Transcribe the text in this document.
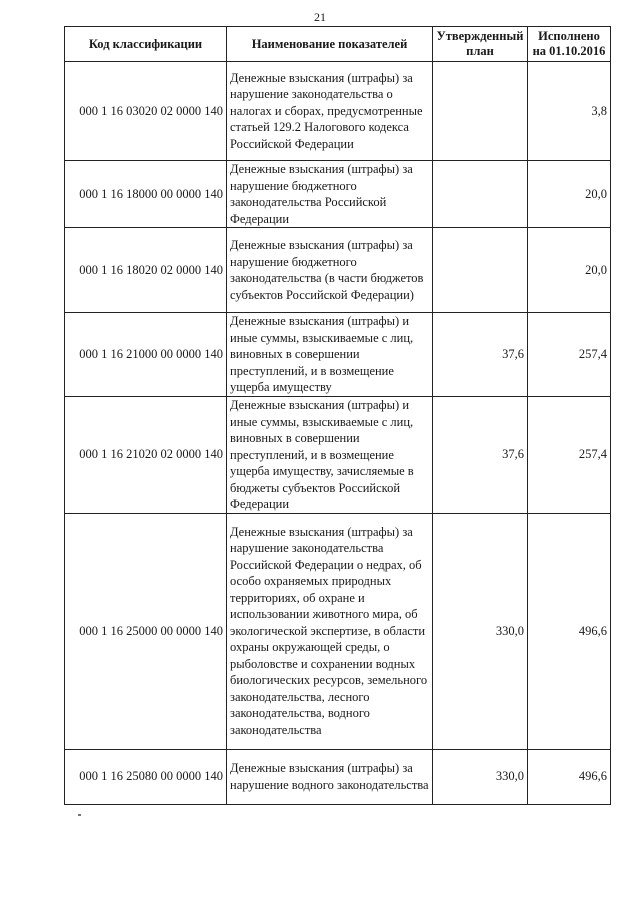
21
Код классификации	Наименование показателей	Утвержденный план	Исполнено на 01.10.2016
000 1 16 03020 02 0000 140	Денежные взыскания (штрафы) за нарушение законодательства о налогах и сборах, предусмотренные статьей 129.2 Налогового кодекса Российской Федерации		3,8
000 1 16 18000 00 0000 140	Денежные взыскания (штрафы) за нарушение бюджетного законодательства Российской Федерации		20,0
000 1 16 18020 02 0000 140	Денежные взыскания (штрафы) за нарушение бюджетного законодательства (в части бюджетов субъектов Российской Федерации)		20,0
000 1 16 21000 00 0000 140	Денежные взыскания (штрафы) и иные суммы, взыскиваемые с лиц, виновных в совершении преступлений, и в возмещение ущерба имуществу	37,6	257,4
000 1 16 21020 02 0000 140	Денежные взыскания (штрафы) и иные суммы, взыскиваемые с лиц, виновных в совершении преступлений, и в возмещение ущерба имуществу, зачисляемые в бюджеты субъектов Российской Федерации	37,6	257,4
000 1 16 25000 00 0000 140	Денежные взыскания (штрафы) за нарушение законодательства Российской Федерации о недрах, об особо охраняемых природных территориях, об охране и использовании животного мира, об экологической экспертизе, в области охраны окружающей среды, о рыболовстве и сохранении водных биологических ресурсов, земельного законодательства, лесного законодательства, водного законодательства	330,0	496,6
000 1 16 25080 00 0000 140	Денежные взыскания (штрафы) за нарушение водного законодательства	330,0	496,6
